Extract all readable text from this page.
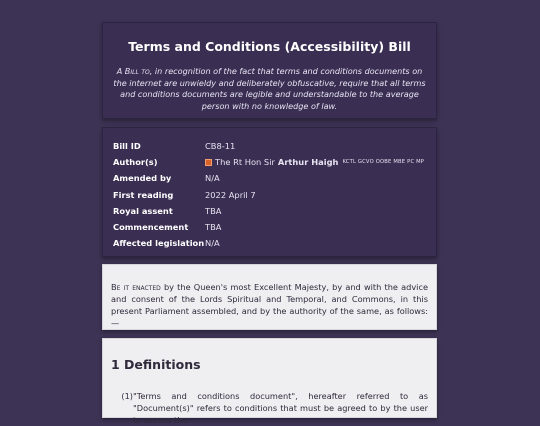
Terms and Conditions (Accessibility) Bill

A Bill to, in recognition of the fact that terms and conditions documents on the internet are unwieldy and deliberately obfuscative, require that all terms and conditions documents are legible and understandable to the average person with no knowledge of law.

Bill ID	CB8-11
Author(s)	The Rt Hon Sir Arthur Haigh KCTL GCVO OOBE MBE PC MP
Amended by	N/A
First reading	2022 April 7
Royal assent	TBA
Commencement	TBA
Affected legislation N/A

Be it enacted by the Queen's most Excellent Majesty, by and with the advice and consent of the Lords Spiritual and Temporal, and Commons, in this present Parliament assembled, and by the authority of the same, as follows:—

1 Definitions
(1) "Terms and conditions document", hereafter referred to as "Document(s)" refers to conditions that must be agreed to by the user to access the
